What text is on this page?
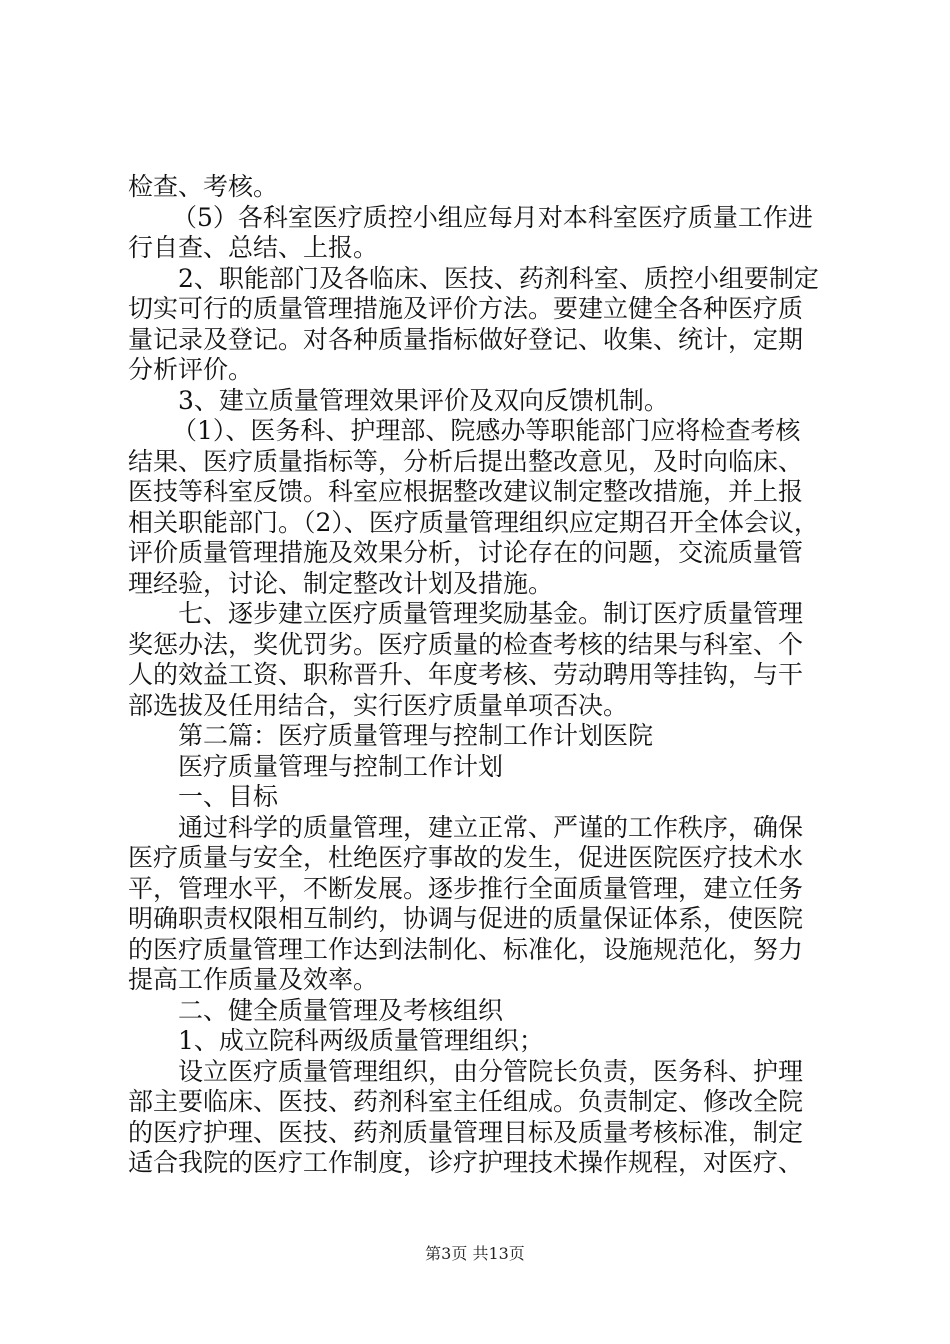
检查、考核。
（5）各科室医疗质控小组应每月对本科室医疗质量工作进
行自查、总结、上报。
2、职能部门及各临床、医技、药剂科室、质控小组要制定
切实可行的质量管理措施及评价方法。要建立健全各种医疗质
量记录及登记。对各种质量指标做好登记、收集、统计，定期
分析评价。
3、建立质量管理效果评价及双向反馈机制。
（1）、医务科、护理部、院感办等职能部门应将检查考核
结果、医疗质量指标等，分析后提出整改意见，及时向临床、
医技等科室反馈。科室应根据整改建议制定整改措施，并上报
相关职能部门。（2）、医疗质量管理组织应定期召开全体会议，
评价质量管理措施及效果分析，讨论存在的问题，交流质量管
理经验，讨论、制定整改计划及措施。
七、逐步建立医疗质量管理奖励基金。制订医疗质量管理
奖惩办法，奖优罚劣。医疗质量的检查考核的结果与科室、个
人的效益工资、职称晋升、年度考核、劳动聘用等挂钩，与干
部选拔及任用结合，实行医疗质量单项否决。
第二篇：医疗质量管理与控制工作计划医院
医疗质量管理与控制工作计划
一、目标
通过科学的质量管理，建立正常、严谨的工作秩序，确保
医疗质量与安全，杜绝医疗事故的发生，促进医院医疗技术水
平，管理水平，不断发展。逐步推行全面质量管理，建立任务
明确职责权限相互制约，协调与促进的质量保证体系，使医院
的医疗质量管理工作达到法制化、标准化，设施规范化，努力
提高工作质量及效率。
二、健全质量管理及考核组织
1、成立院科两级质量管理组织；
设立医疗质量管理组织，由分管院长负责，医务科、护理
部主要临床、医技、药剂科室主任组成。负责制定、修改全院
的医疗护理、医技、药剂质量管理目标及质量考核标准，制定
适合我院的医疗工作制度，诊疗护理技术操作规程，对医疗、
第3页 共13页
